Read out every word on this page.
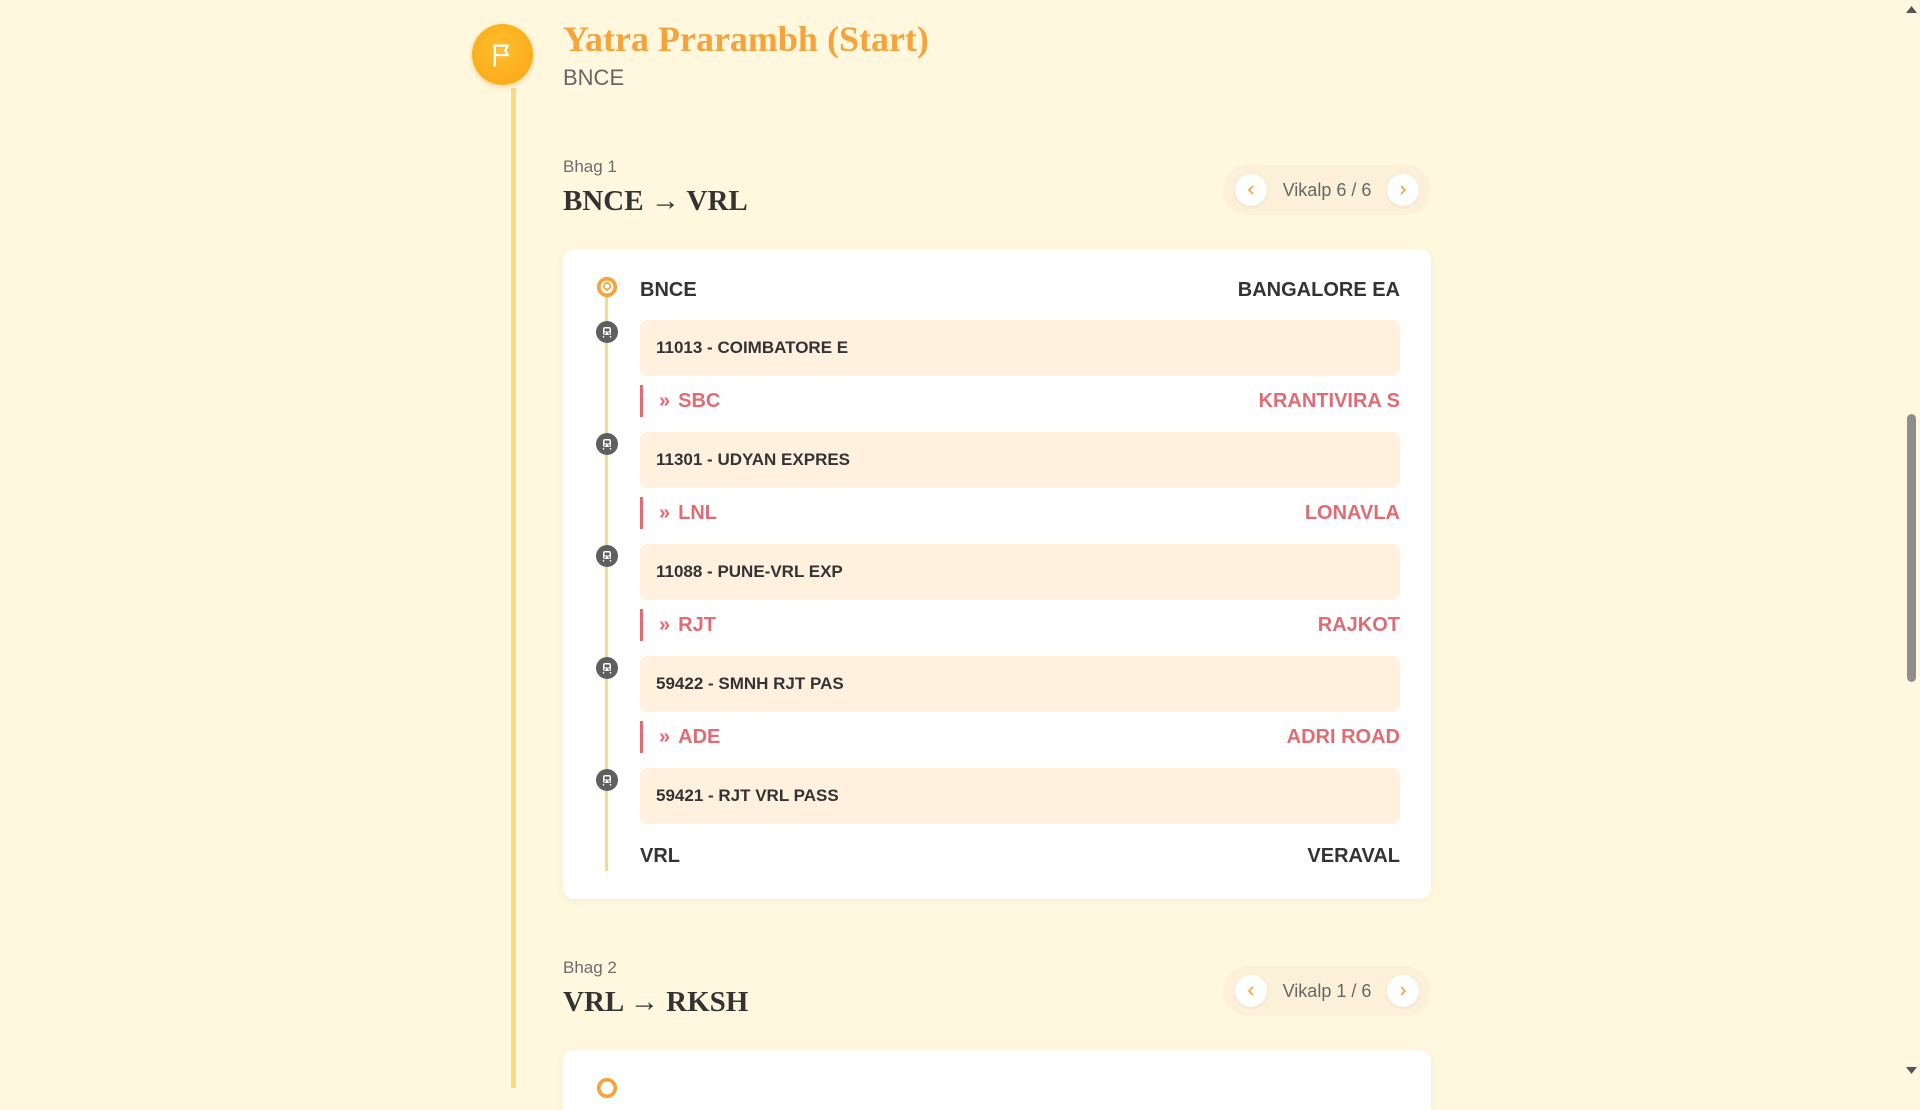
Yatra Prarambh (Start)
BNCE
Bhag 1
BNCE → VRL	Vikalp 6 / 6
BNCE	BANGALORE EA
11013 - COIMBATORE E
» SBC	KRANTIVIRA S
11301 - UDYAN EXPRES
» LNL	LONAVLA
11088 - PUNE-VRL EXP
» RJT	RAJKOT
59422 - SMNH RJT PAS
» ADE	ADRI ROAD
59421 - RJT VRL PASS
VRL	VERAVAL
Bhag 2
VRL → RKSH	Vikalp 1 / 6
